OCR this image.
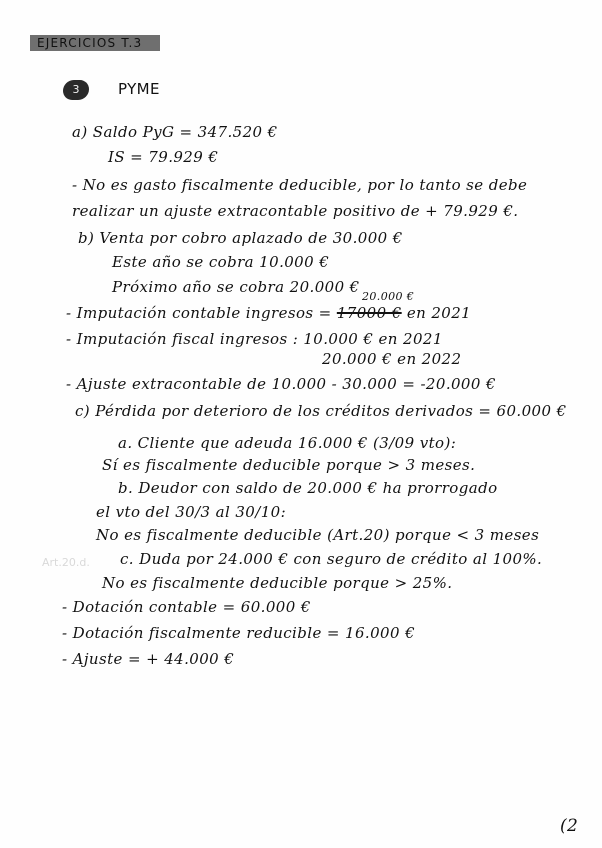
EJERCICIOS T.3
3	PYME
a) Saldo PyG = 347.520 €
IS = 79.929 €
- No es gasto fiscalmente deducible, por lo tanto se debe
realizar un ajuste extracontable positivo de + 79.929 €.
b) Venta por cobro aplazado de 30.000 €
Este año se cobra 10.000 €
Próximo año se cobra 20.000 €
20.000 €
- Imputación contable ingresos = 17000 € en 2021
- Imputación fiscal ingresos : 10.000 € en 2021
20.000 € en 2022
- Ajuste extracontable de 10.000 - 30.000 = -20.000 €
c) Pérdida por deterioro de los créditos derivados = 60.000 €
a. Cliente que adeuda 16.000 € (3/09 vto):
Sí es fiscalmente deducible porque > 3 meses.
b. Deudor con saldo de 20.000 € ha prorrogado
el vto del 30/3 al 30/10:
No es fiscalmente deducible (Art.20) porque < 3 meses
Art.20.d. c. Duda por 24.000 € con seguro de crédito al 100%.
No es fiscalmente deducible porque > 25%.
- Dotación contable = 60.000 €
- Dotación fiscalmente reducible = 16.000 €
- Ajuste = + 44.000 €
(2
